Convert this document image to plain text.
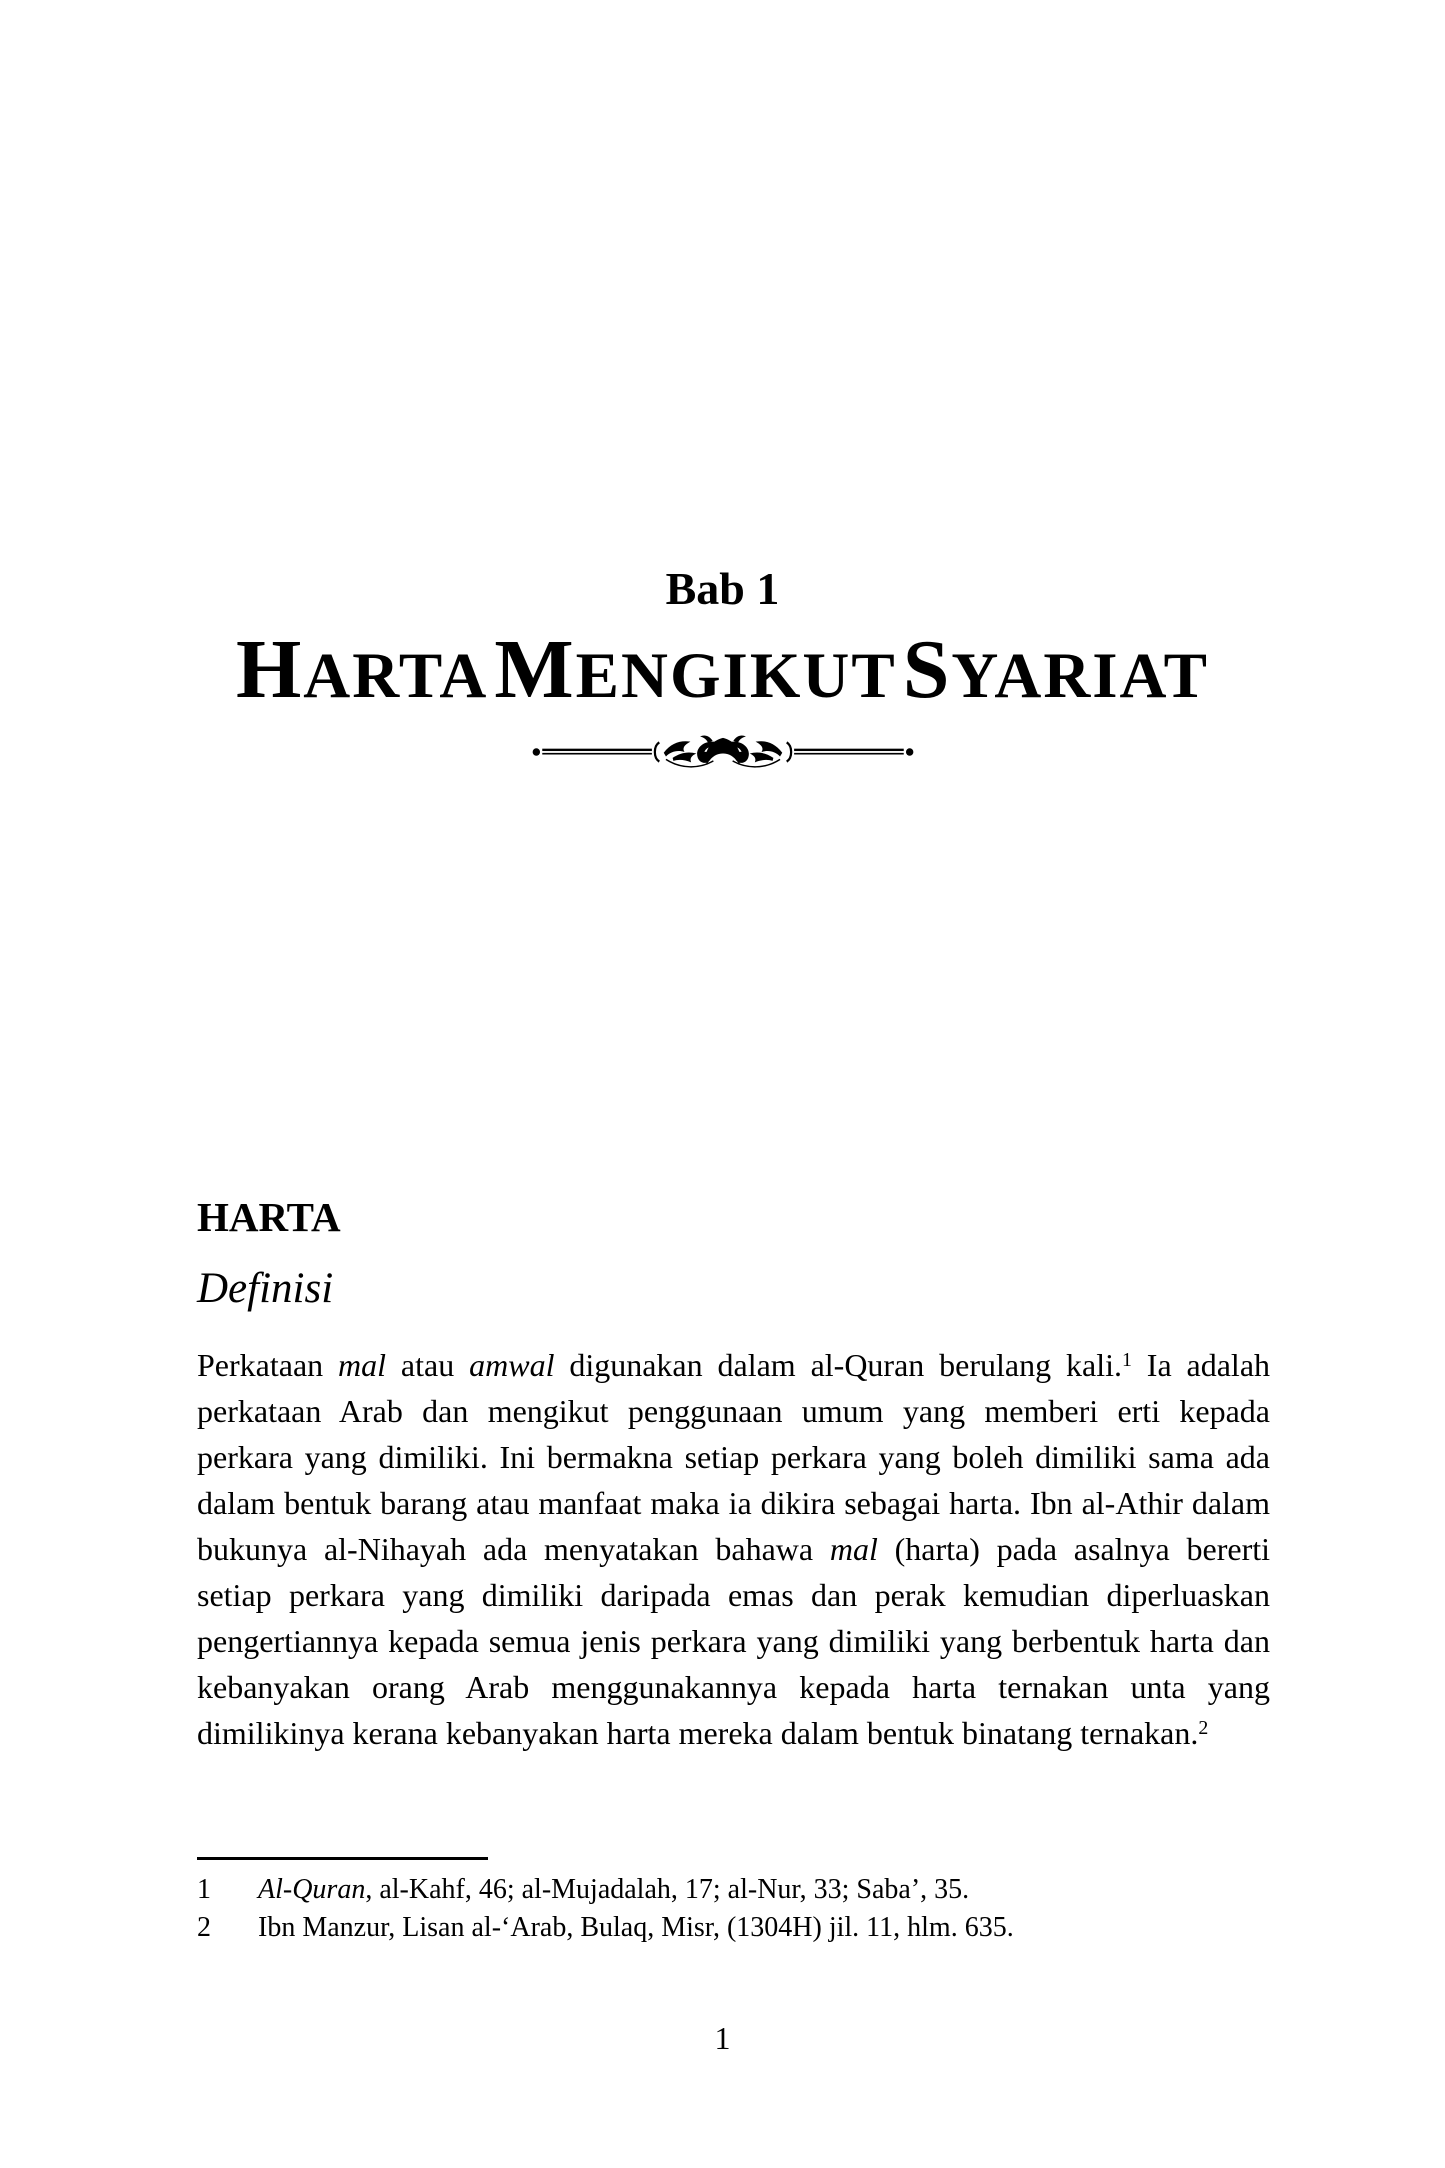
Bab 1
HARTA MENGIKUT SYARIAT
HARTA
Definisi

Perkataan mal atau amwal digunakan dalam al-Quran berulang kali.$^1$ Ia adalah perkataan Arab dan mengikut penggunaan umum yang memberi erti kepada perkara yang dimiliki. Ini bermakna setiap perkara yang boleh dimiliki sama ada dalam bentuk barang atau manfaat maka ia dikira sebagai harta. Ibn al-Athir dalam bukunya al-Nihayah ada menyatakan bahawa mal (harta) pada asalnya bererti setiap perkara yang dimiliki daripada emas dan perak kemudian diperluaskan pengertiannya kepada semua jenis perkara yang dimiliki yang berbentuk harta dan kebanyakan orang Arab menggunakannya kepada harta ternakan unta yang dimilikinya kerana kebanyakan harta mereka dalam bentuk binatang ternakan.$^2$

1	Al-Quran, al-Kahf, 46; al-Mujadalah, 17; al-Nur, 33; Saba’, 35.
2	Ibn Manzur, Lisan al-‘Arab, Bulaq, Misr, (1304H) jil. 11, hlm. 635.
1
